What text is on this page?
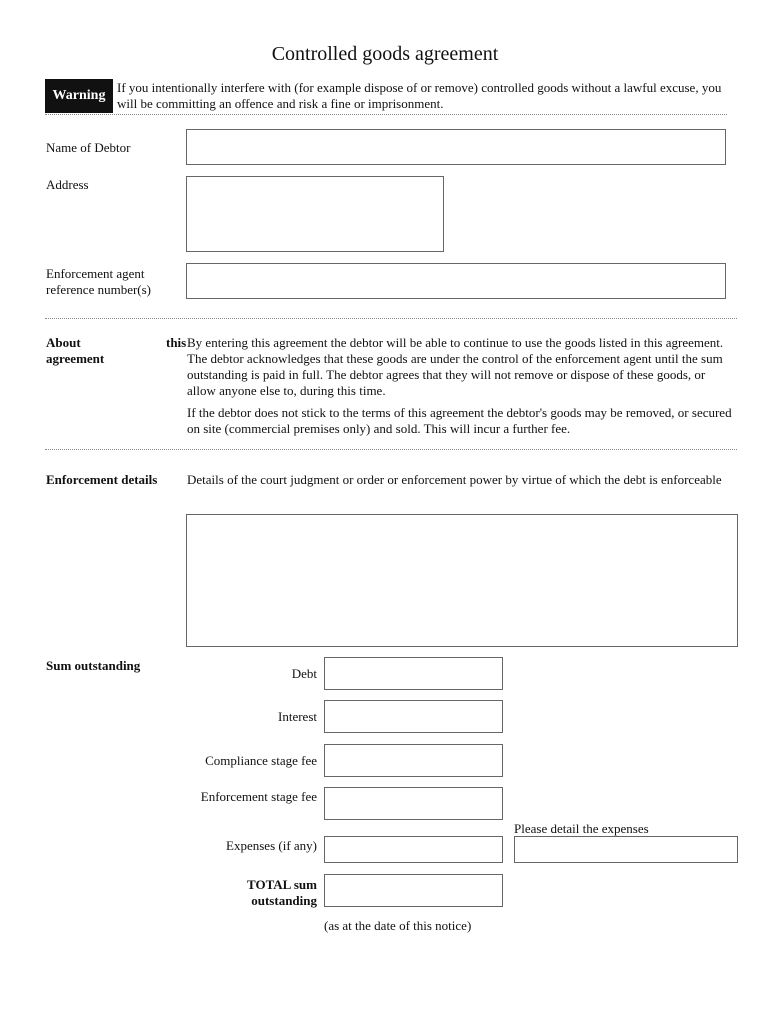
Controlled goods agreement
Warning
If you intentionally interfere with (for example dispose of or remove) controlled goods without a lawful excuse, you will be committing an offence and risk a fine or imprisonment.
Name of Debtor
Address
Enforcement agent
reference number(s)
About
agreement
this By entering this agreement the debtor will be able to continue to use the goods listed in this agreement. The debtor acknowledges that these goods are under the control of the enforcement agent until the sum outstanding is paid in full. The debtor agrees that they will not remove or dispose of these goods, or allow anyone else to, during this time.
If the debtor does not stick to the terms of this agreement the debtor's goods may be removed, or secured on site (commercial premises only) and sold. This will incur a further fee.
Enforcement details Details of the court judgment or order or enforcement power by virtue of which the debt is enforceable
Sum outstanding
Debt
Interest
Compliance stage fee
Enforcement stage fee
Please detail the expenses
Expenses (if any)
TOTAL sum
outstanding
(as at the date of this notice)
